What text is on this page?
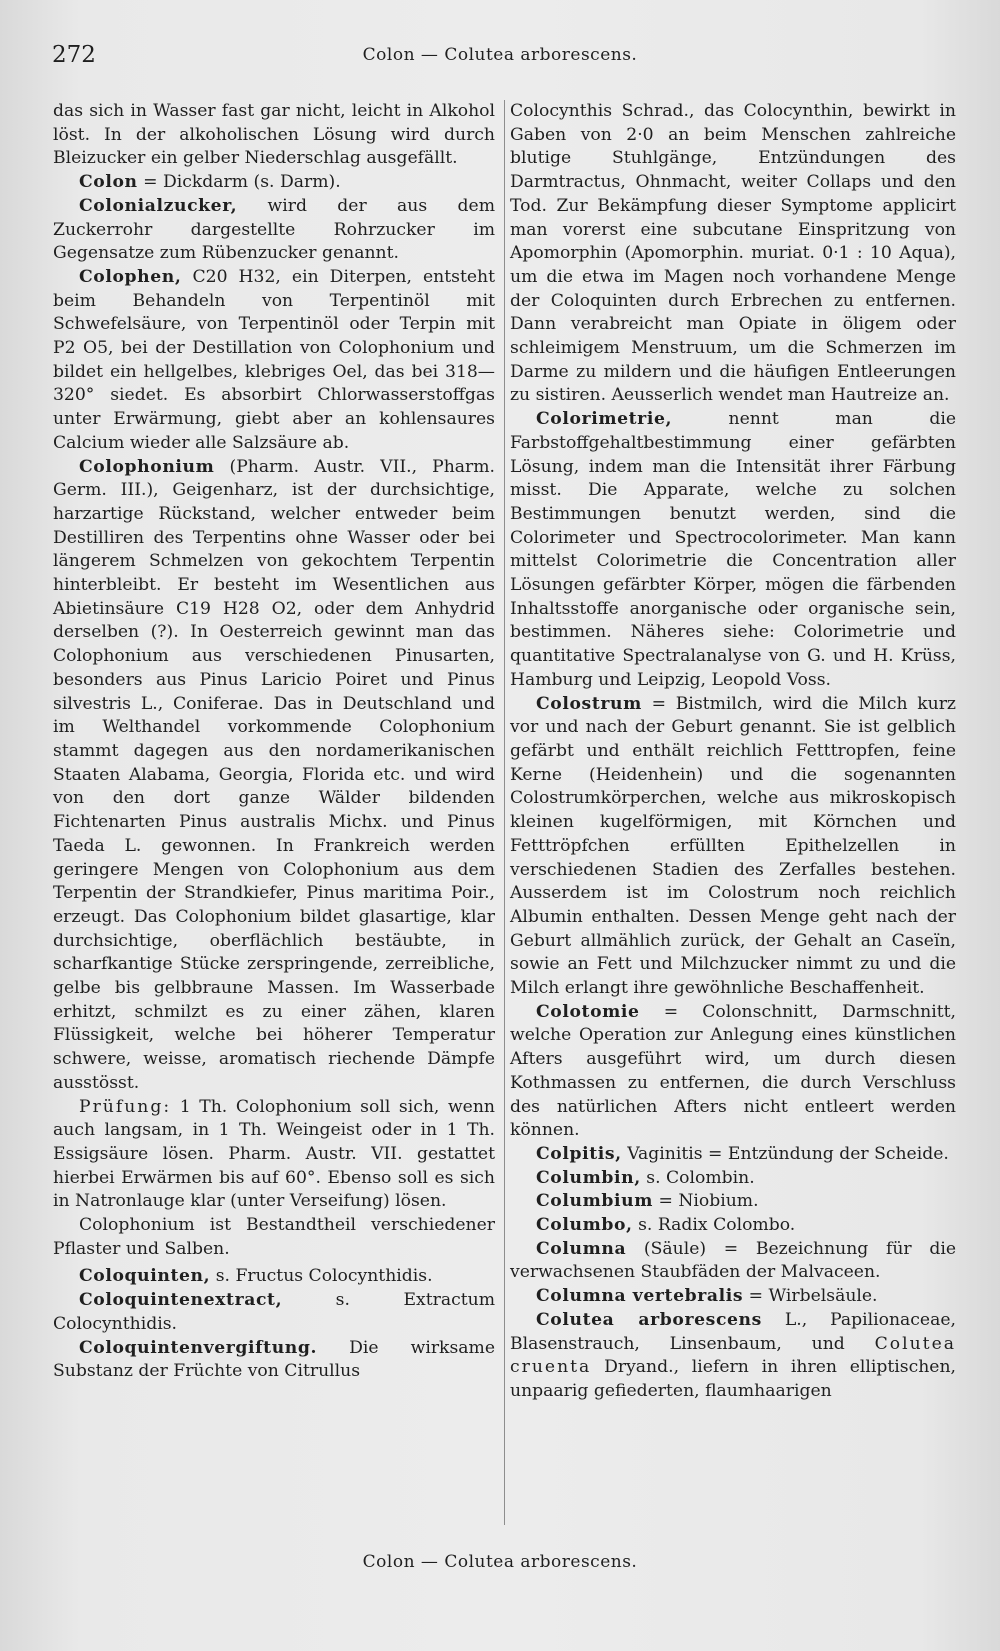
272	Colon — Colutea arborescens.

das sich in Wasser fast gar nicht, leicht in Alkohol löst. In der alkoholischen Lösung wird durch Bleizucker ein gelber Niederschlag ausgefällt.

Colon = Dickdarm (s. Darm).

Colonialzucker, wird der aus dem Zuckerrohr dargestellte Rohrzucker im Gegensatze zum Rübenzucker genannt.

Colophen, C20 H32, ein Diterpen, entsteht beim Behandeln von Terpentinöl mit Schwefelsäure, von Terpentinöl oder Terpin mit P2 O5, bei der Destillation von Colophonium und bildet ein hellgelbes, klebriges Oel, das bei 318—320° siedet. Es absorbirt Chlorwasserstoffgas unter Erwärmung, giebt aber an kohlensaures Calcium wieder alle Salzsäure ab.

Colophonium (Pharm. Austr. VII., Pharm. Germ. III.), Geigenharz, ist der durchsichtige, harzartige Rückstand, welcher entweder beim Destilliren des Terpentins ohne Wasser oder bei längerem Schmelzen von gekochtem Terpentin hinterbleibt. Er besteht im Wesentlichen aus Abietinsäure C19 H28 O2, oder dem Anhydrid derselben (?). In Oesterreich gewinnt man das Colophonium aus verschiedenen Pinusarten, besonders aus Pinus Laricio Poiret und Pinus silvestris L., Coniferae. Das in Deutschland und im Welthandel vorkommende Colophonium stammt dagegen aus den nordamerikanischen Staaten Alabama, Georgia, Florida etc. und wird von den dort ganze Wälder bildenden Fichtenarten Pinus australis Michx. und Pinus Taeda L. gewonnen. In Frankreich werden geringere Mengen von Colophonium aus dem Terpentin der Strandkiefer, Pinus maritima Poir., erzeugt. Das Colophonium bildet glasartige, klar durchsichtige, oberflächlich bestäubte, in scharfkantige Stücke zerspringende, zerreibliche, gelbe bis gelbbraune Massen. Im Wasserbade erhitzt, schmilzt es zu einer zähen, klaren Flüssigkeit, welche bei höherer Temperatur schwere, weisse, aromatisch riechende Dämpfe ausstösst.

Prüfung: 1 Th. Colophonium soll sich, wenn auch langsam, in 1 Th. Weingeist oder in 1 Th. Essigsäure lösen. Pharm. Austr. VII. gestattet hierbei Erwärmen bis auf 60°. Ebenso soll es sich in Natronlauge klar (unter Verseifung) lösen.

Colophonium ist Bestandtheil verschiedener Pflaster und Salben.

Coloquinten, s. Fructus Colocynthidis.

Coloquintenextract, s. Extractum Colocynthidis.

Coloquintenvergiftung. Die wirksame Substanz der Früchte von Citrullus

Colocynthis Schrad., das Colocynthin, bewirkt in Gaben von 2·0 an beim Menschen zahlreiche blutige Stuhlgänge, Entzündungen des Darmtractus, Ohnmacht, weiter Collaps und den Tod. Zur Bekämpfung dieser Symptome applicirt man vorerst eine subcutane Einspritzung von Apomorphin (Apomorphin. muriat. 0·1 : 10 Aqua), um die etwa im Magen noch vorhandene Menge der Coloquinten durch Erbrechen zu entfernen. Dann verabreicht man Opiate in öligem oder schleimigem Menstruum, um die Schmerzen im Darme zu mildern und die häufigen Entleerungen zu sistiren. Aeusserlich wendet man Hautreize an.

Colorimetrie, nennt man die Farbstoffgehaltbestimmung einer gefärbten Lösung, indem man die Intensität ihrer Färbung misst. Die Apparate, welche zu solchen Bestimmungen benutzt werden, sind die Colorimeter und Spectrocolorimeter. Man kann mittelst Colorimetrie die Concentration aller Lösungen gefärbter Körper, mögen die färbenden Inhaltsstoffe anorganische oder organische sein, bestimmen. Näheres siehe: Colorimetrie und quantitative Spectralanalyse von G. und H. Krüss, Hamburg und Leipzig, Leopold Voss.

Colostrum = Bistmilch, wird die Milch kurz vor und nach der Geburt genannt. Sie ist gelblich gefärbt und enthält reichlich Fetttropfen, feine Kerne (Heidenhein) und die sogenannten Colostrumkörperchen, welche aus mikroskopisch kleinen kugelförmigen, mit Körnchen und Fetttröpfchen erfüllten Epithelzellen in verschiedenen Stadien des Zerfalles bestehen. Ausserdem ist im Colostrum noch reichlich Albumin enthalten. Dessen Menge geht nach der Geburt allmählich zurück, der Gehalt an Caseïn, sowie an Fett und Milchzucker nimmt zu und die Milch erlangt ihre gewöhnliche Beschaffenheit.

Colotomie = Colonschnitt, Darmschnitt, welche Operation zur Anlegung eines künstlichen Afters ausgeführt wird, um durch diesen Kothmassen zu entfernen, die durch Verschluss des natürlichen Afters nicht entleert werden können.

Colpitis, Vaginitis = Entzündung der Scheide.

Columbin, s. Colombin.

Columbium = Niobium.

Columbo, s. Radix Colombo.

Columna (Säule) = Bezeichnung für die verwachsenen Staubfäden der Malvaceen.

Columna vertebralis = Wirbelsäule.

Colutea arborescens L., Papilionaceae, Blasenstrauch, Linsenbaum, und Colutea cruenta Dryand., liefern in ihren elliptischen, unpaarig gefiederten, flaumhaarigen

Colon — Colutea arborescens.
